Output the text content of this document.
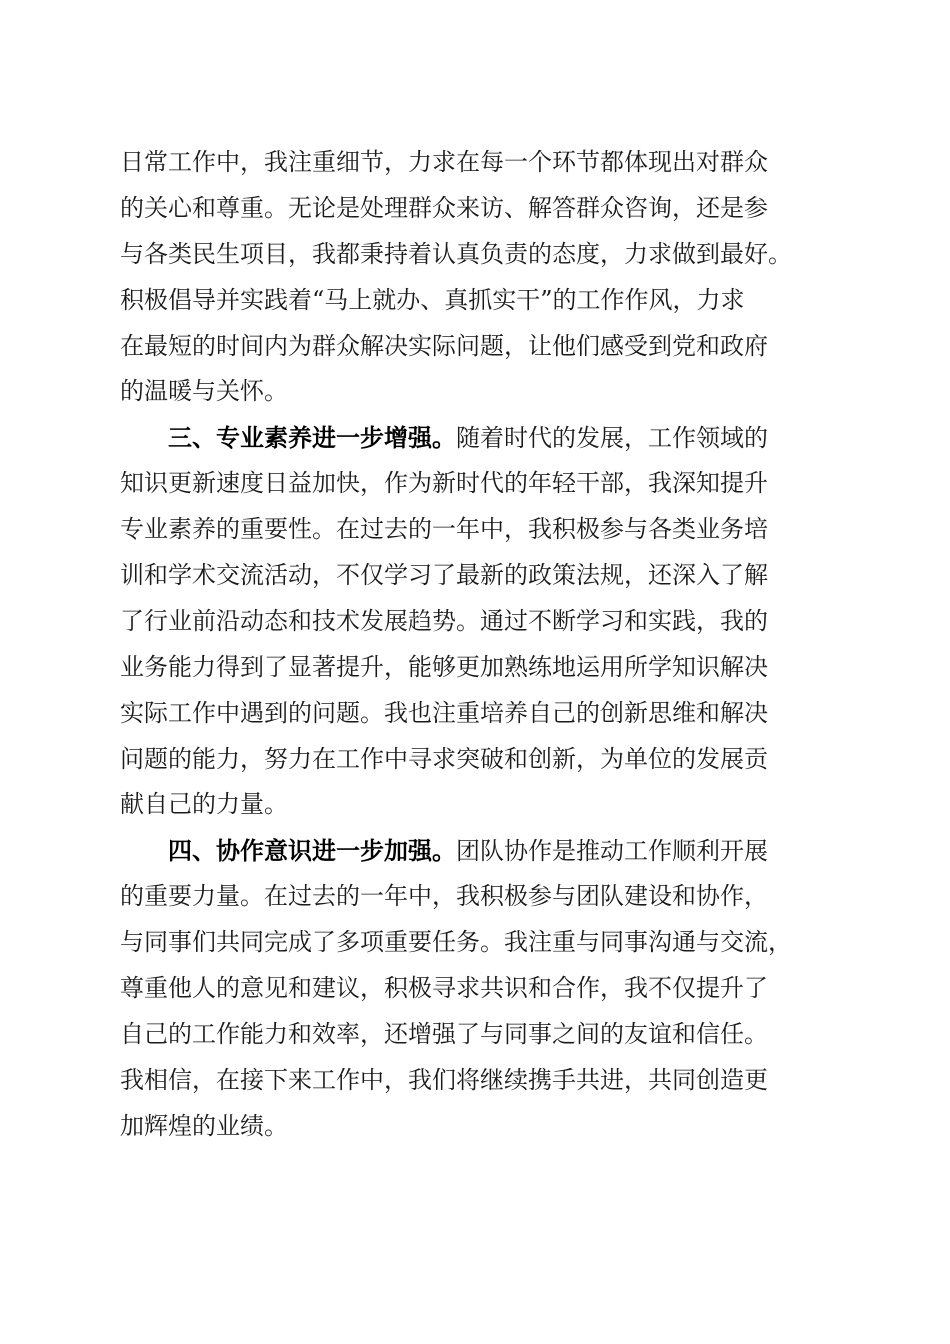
日常工作中，我注重细节，力求在每一个环节都体现出对群众
的关心和尊重。无论是处理群众来访、解答群众咨询，还是参
与各类民生项目，我都秉持着认真负责的态度，力求做到最好。
积极倡导并实践着“马上就办、真抓实干”的工作作风，力求
在最短的时间内为群众解决实际问题，让他们感受到党和政府
的温暖与关怀。
三、专业素养进一步增强。随着时代的发展，工作领域的
知识更新速度日益加快，作为新时代的年轻干部，我深知提升
专业素养的重要性。在过去的一年中，我积极参与各类业务培
训和学术交流活动，不仅学习了最新的政策法规，还深入了解
了行业前沿动态和技术发展趋势。通过不断学习和实践，我的
业务能力得到了显著提升，能够更加熟练地运用所学知识解决
实际工作中遇到的问题。我也注重培养自己的创新思维和解决
问题的能力，努力在工作中寻求突破和创新，为单位的发展贡
献自己的力量。
四、协作意识进一步加强。团队协作是推动工作顺利开展
的重要力量。在过去的一年中，我积极参与团队建设和协作，
与同事们共同完成了多项重要任务。我注重与同事沟通与交流，
尊重他人的意见和建议，积极寻求共识和合作，我不仅提升了
自己的工作能力和效率，还增强了与同事之间的友谊和信任。
我相信，在接下来工作中，我们将继续携手共进，共同创造更
加辉煌的业绩。
